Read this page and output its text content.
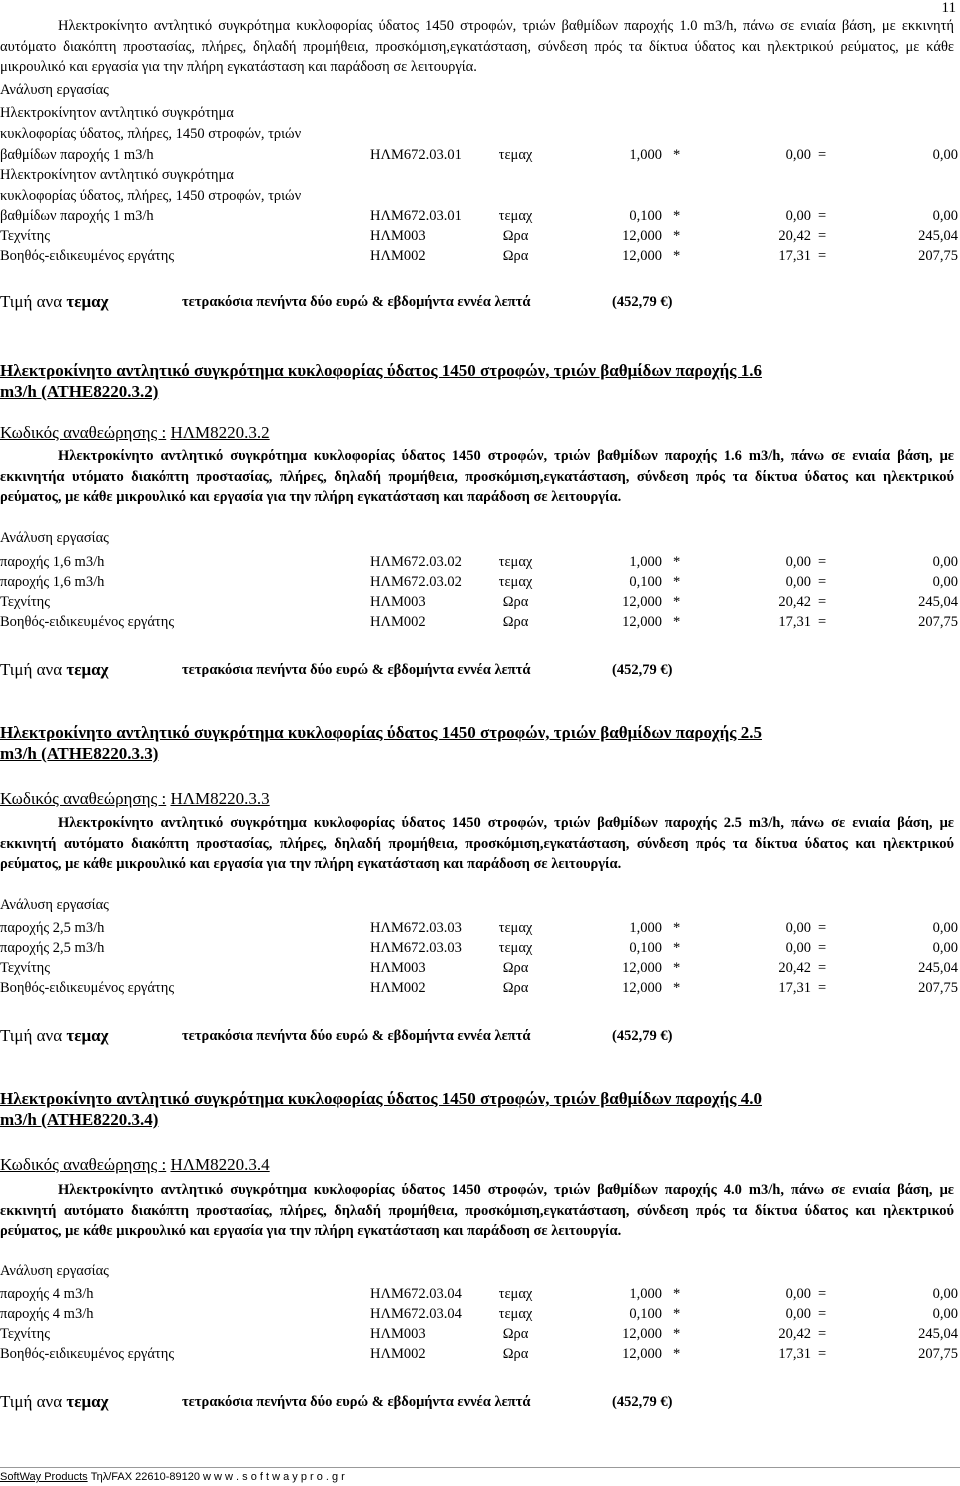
11

Ηλεκτροκίνητο αντλητικό συγκρότημα κυκλοφορίας ύδατος 1450 στροφών, τριών βαθμίδων παροχής 1.0 m3/h, πάνω σε ενιαία βάση, με εκκινητή αυτόματο διακόπτη προστασίας, πλήρες, δηλαδή προμήθεια, προσκόμιση,εγκατάσταση, σύνδεση πρός τα δίκτυα ύδατος και ηλεκτρικού ρεύματος, με κάθε μικρουλικό και εργασία για την πλήρη εγκατάσταση και παράδοση σε λειτουργία.

Ανάλυση εργασίας
Ηλεκτροκίνητον αντλητικό συγκρότημα
κυκλοφορίας ύδατος, πλήρες, 1450 στροφών, τριών
βαθμίδων παροχής 1 m3/h	ΗΛΜ672.03.01	τεμαχ	1,000 *	0,00 =	0,00
Ηλεκτροκίνητον αντλητικό συγκρότημα
κυκλοφορίας ύδατος, πλήρες, 1450 στροφών, τριών
βαθμίδων παροχής 1 m3/h	ΗΛΜ672.03.01	τεμαχ	0,100 *	0,00 =	0,00
Τεχνίτης	ΗΛΜ003	Ωρα	12,000 *	20,42 =	245,04
Βοηθός-ειδικευμένος εργάτης	ΗΛΜ002	Ωρα	12,000 *	17,31 =	207,75
Τιμή ανα τεμαχ	τετρακόσια πενήντα δύο ευρώ & εβδομήντα εννέα λεπτά	(452,79 €)
Ηλεκτροκίνητο αντλητικό συγκρότημα κυκλοφορίας ύδατος 1450 στροφών, τριών βαθμίδων παροχής 1.6
m3/h (ΑΤΗΕ8220.3.2)
Κωδικός αναθεώρησης : ΗΛΜ8220.3.2

Ηλεκτροκίνητο αντλητικό συγκρότημα κυκλοφορίας ύδατος 1450 στροφών, τριών βαθμίδων παροχής 1.6 m3/h, πάνω σε ενιαία βάση, με εκκινητήα υτόματο διακόπτη προστασίας, πλήρες, δηλαδή προμήθεια, προσκόμιση,εγκατάσταση, σύνδεση πρός τα δίκτυα ύδατος και ηλεκτρικού ρεύματος, με κάθε μικρουλικό και εργασία για την πλήρη εγκατάσταση και παράδοση σε λειτουργία.

Ανάλυση εργασίας
παροχής 1,6 m3/h	ΗΛΜ672.03.02	τεμαχ	1,000 *	0,00 =	0,00
παροχής 1,6 m3/h	ΗΛΜ672.03.02	τεμαχ	0,100 *	0,00 =	0,00
Τεχνίτης	ΗΛΜ003	Ωρα	12,000 *	20,42 =	245,04
Βοηθός-ειδικευμένος εργάτης	ΗΛΜ002	Ωρα	12,000 *	17,31 =	207,75
Τιμή ανα τεμαχ	τετρακόσια πενήντα δύο ευρώ & εβδομήντα εννέα λεπτά	(452,79 €)
Ηλεκτροκίνητο αντλητικό συγκρότημα κυκλοφορίας ύδατος 1450 στροφών, τριών βαθμίδων παροχής 2.5
m3/h (ΑΤΗΕ8220.3.3)
Κωδικός αναθεώρησης : ΗΛΜ8220.3.3

Ηλεκτροκίνητο αντλητικό συγκρότημα κυκλοφορίας ύδατος 1450 στροφών, τριών βαθμίδων παροχής 2.5 m3/h, πάνω σε ενιαία βάση, με εκκινητή αυτόματο διακόπτη προστασίας, πλήρες, δηλαδή προμήθεια, προσκόμιση,εγκατάσταση, σύνδεση πρός τα δίκτυα ύδατος και ηλεκτρικού ρεύματος, με κάθε μικρουλικό και εργασία για την πλήρη εγκατάσταση και παράδοση σε λειτουργία.

Ανάλυση εργασίας
παροχής 2,5 m3/h	ΗΛΜ672.03.03	τεμαχ	1,000 *	0,00 =	0,00
παροχής 2,5 m3/h	ΗΛΜ672.03.03	τεμαχ	0,100 *	0,00 =	0,00
Τεχνίτης	ΗΛΜ003	Ωρα	12,000 *	20,42 =	245,04
Βοηθός-ειδικευμένος εργάτης	ΗΛΜ002	Ωρα	12,000 *	17,31 =	207,75
Τιμή ανα τεμαχ	τετρακόσια πενήντα δύο ευρώ & εβδομήντα εννέα λεπτά	(452,79 €)
Ηλεκτροκίνητο αντλητικό συγκρότημα κυκλοφορίας ύδατος 1450 στροφών, τριών βαθμίδων παροχής 4.0
m3/h (ΑΤΗΕ8220.3.4)
Κωδικός αναθεώρησης : ΗΛΜ8220.3.4

Ηλεκτροκίνητο αντλητικό συγκρότημα κυκλοφορίας ύδατος 1450 στροφών, τριών βαθμίδων παροχής 4.0 m3/h, πάνω σε ενιαία βάση, με εκκινητή αυτόματο διακόπτη προστασίας, πλήρες, δηλαδή προμήθεια, προσκόμιση,εγκατάσταση, σύνδεση πρός τα δίκτυα ύδατος και ηλεκτρικού ρεύματος, με κάθε μικρουλικό και εργασία για την πλήρη εγκατάσταση και παράδοση σε λειτουργία.

Ανάλυση εργασίας
παροχής 4 m3/h	ΗΛΜ672.03.04	τεμαχ	1,000 *	0,00 =	0,00
παροχής 4 m3/h	ΗΛΜ672.03.04	τεμαχ	0,100 *	0,00 =	0,00
Τεχνίτης	ΗΛΜ003	Ωρα	12,000 *	20,42 =	245,04
Βοηθός-ειδικευμένος εργάτης	ΗΛΜ002	Ωρα	12,000 *	17,31 =	207,75
Τιμή ανα τεμαχ	τετρακόσια πενήντα δύο ευρώ & εβδομήντα εννέα λεπτά	(452,79 €)
SoftWay Products Τηλ/FAX 22610-89120 w w w . s o f t w a y p r o . g r
